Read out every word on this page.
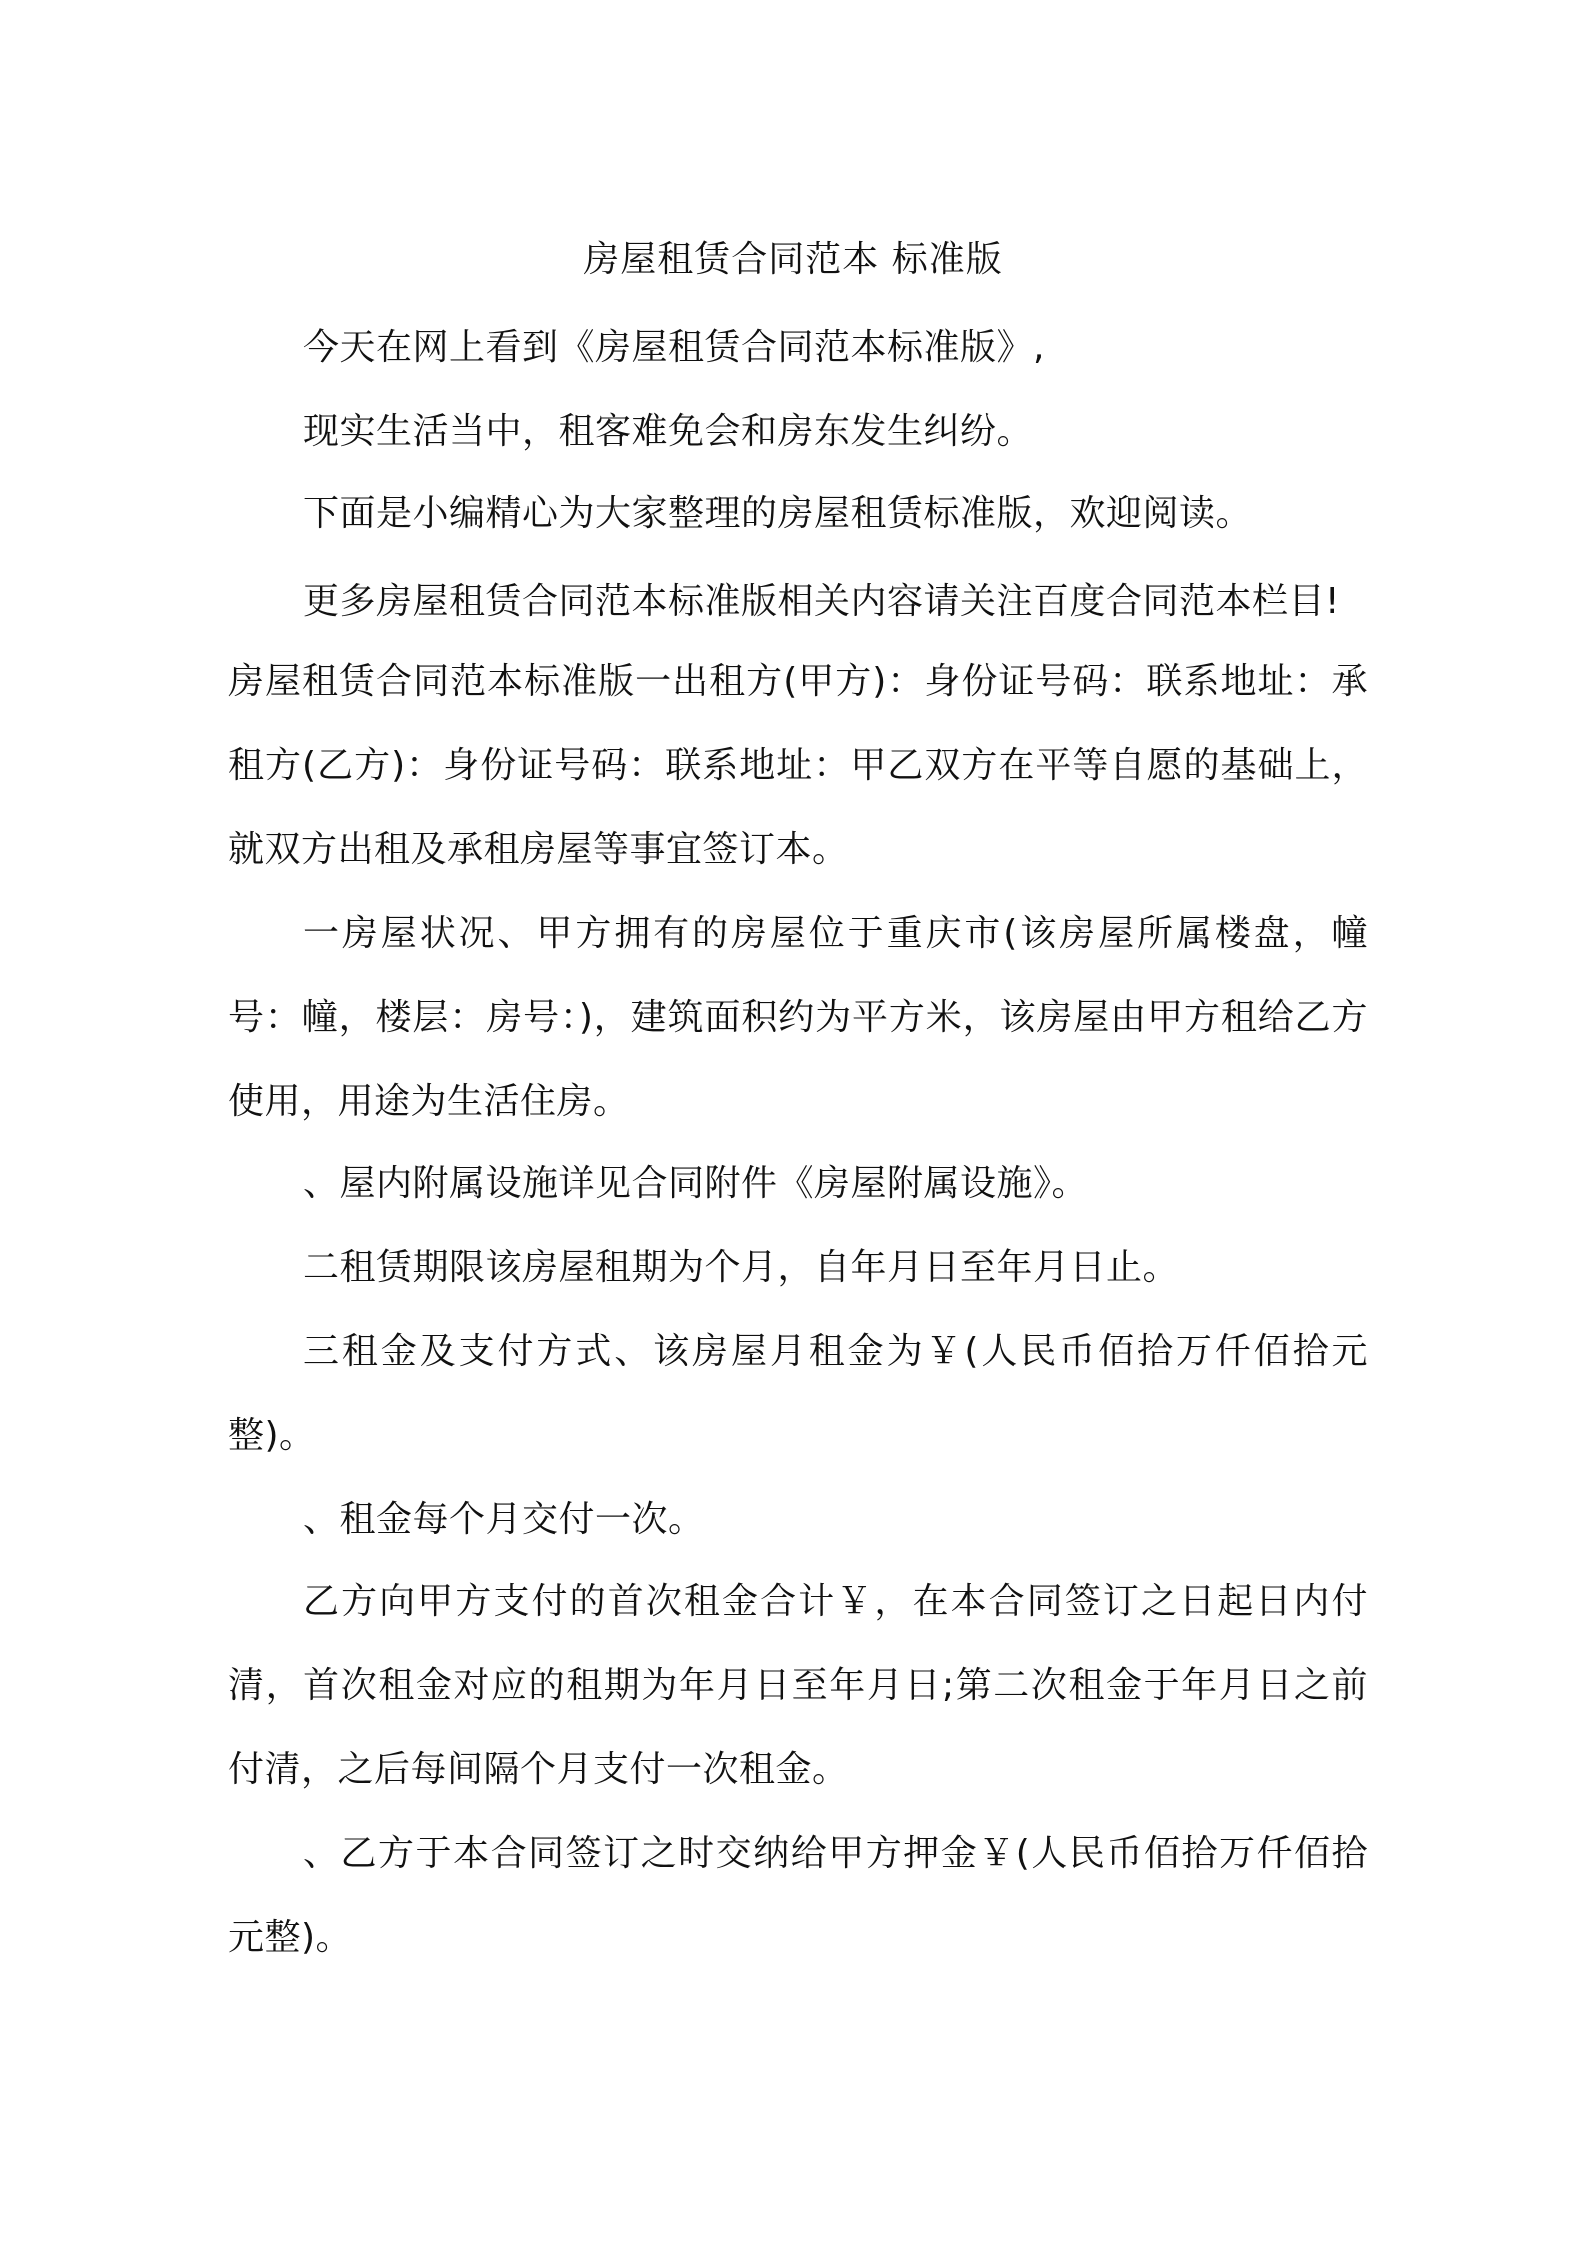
房屋租赁合同范本 标准版

今天在网上看到《房屋租赁合同范本标准版》,

现实生活当中，租客难免会和房东发生纠纷。

下面是小编精心为大家整理的房屋租赁标准版，欢迎阅读。

更多房屋租赁合同范本标准版相关内容请关注百度合同范本栏目!

房屋租赁合同范本标准版一出租方(甲方)：身份证号码：联系地址：承租方(乙方)：身份证号码：联系地址：甲乙双方在平等自愿的基础上，就双方出租及承租房屋等事宜签订本。

一房屋状况、甲方拥有的房屋位于重庆市(该房屋所属楼盘，幢号：幢，楼层：房号：)，建筑面积约为平方米，该房屋由甲方租给乙方使用，用途为生活住房。

、屋内附属设施详见合同附件《房屋附属设施》。

二租赁期限该房屋租期为个月，自年月日至年月日止。

三租金及支付方式、该房屋月租金为￥(人民币佰拾万仟佰拾元整)。

、租金每个月交付一次。

乙方向甲方支付的首次租金合计￥，在本合同签订之日起日内付清，首次租金对应的租期为年月日至年月日;第二次租金于年月日之前付清，之后每间隔个月支付一次租金。

、乙方于本合同签订之时交纳给甲方押金￥(人民币佰拾万仟佰拾元整)。
